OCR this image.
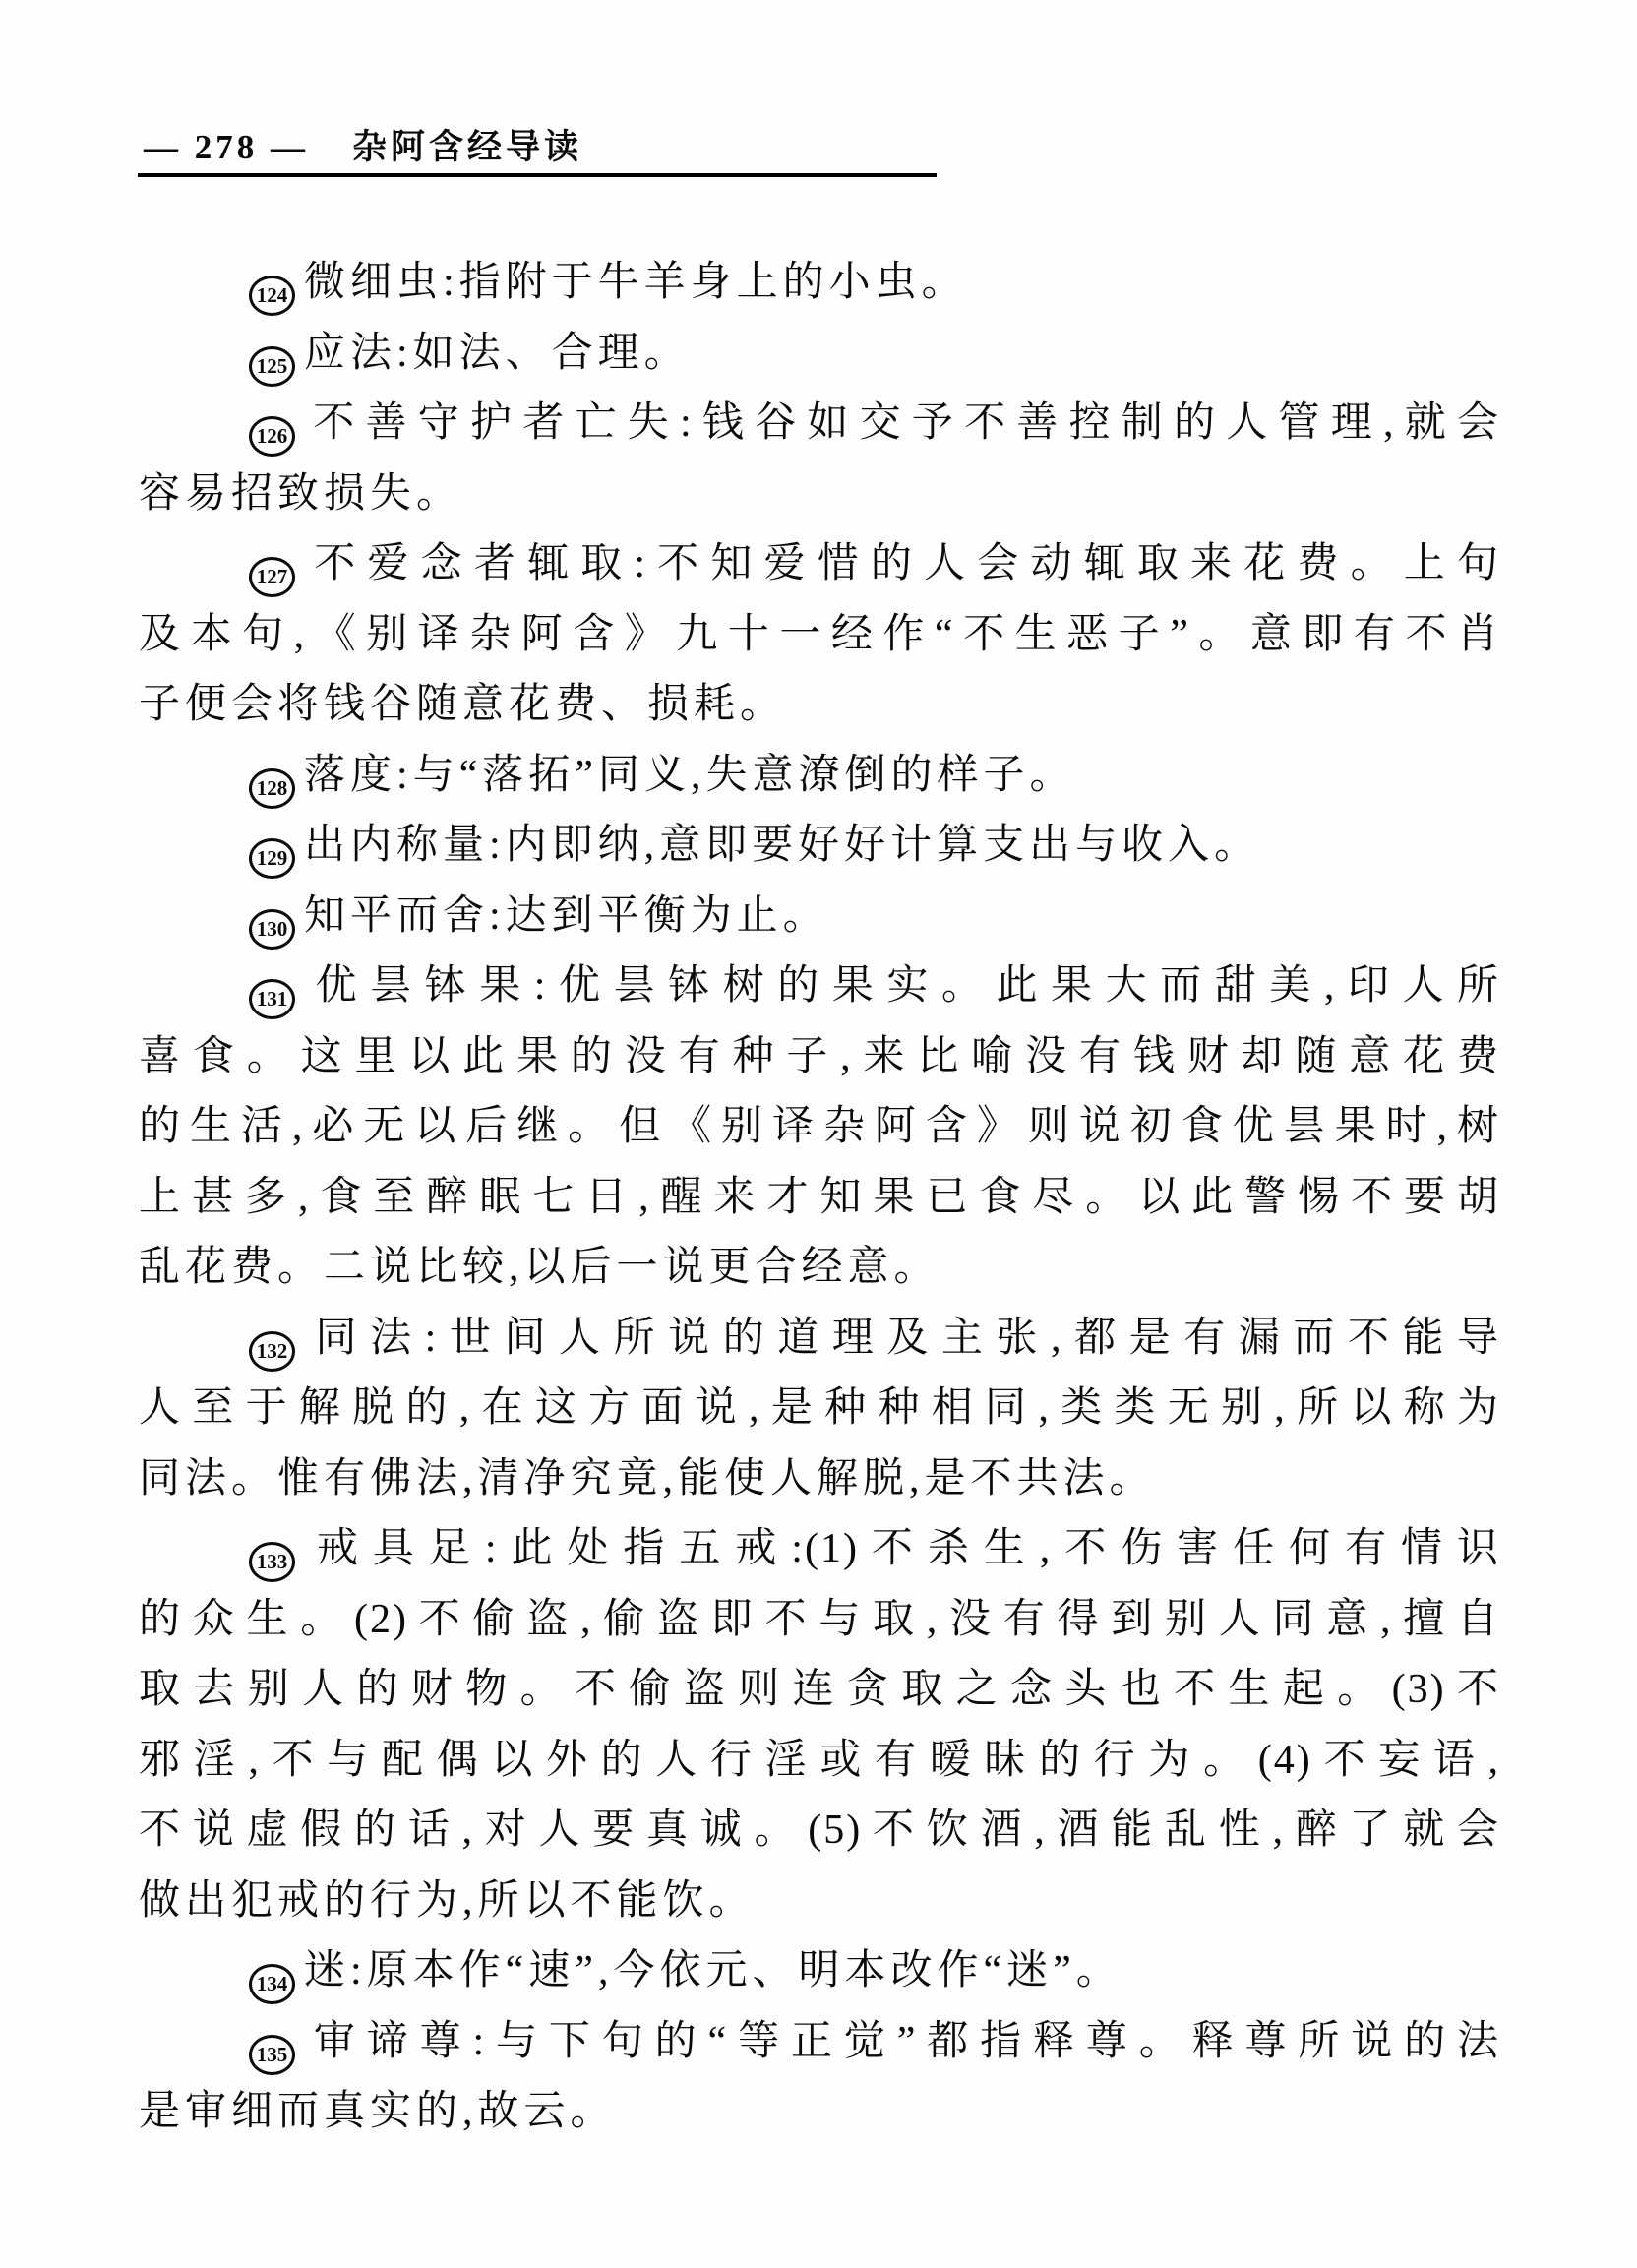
— 278 — 杂阿含经导读
124 微细虫:指附于牛羊身上的小虫。
125 应法:如法、合理。
126 不善守护者亡失:钱谷如交予不善控制的人管理,就会
容易招致损失。
127 不爱念者辄取:不知爱惜的人会动辄取来花费。上句
及本句,《别译杂阿含》九十一经作“不生恶子”。意即有不肖
子便会将钱谷随意花费、损耗。
128 落度:与“落拓”同义,失意潦倒的样子。
129 出内称量:内即纳,意即要好好计算支出与收入。
130 知平而舍:达到平衡为止。
131 优昙钵果:优昙钵树的果实。此果大而甜美,印人所
喜食。这里以此果的没有种子,来比喻没有钱财却随意花费
的生活,必无以后继。但《别译杂阿含》则说初食优昙果时,树
上甚多,食至醉眠七日,醒来才知果已食尽。以此警惕不要胡
乱花费。二说比较,以后一说更合经意。
132 同法:世间人所说的道理及主张,都是有漏而不能导
人至于解脱的,在这方面说,是种种相同,类类无别,所以称为
同法。惟有佛法,清净究竟,能使人解脱,是不共法。
133 戒具足:此处指五戒:(1)不杀生,不伤害任何有情识
的众生。(2)不偷盗,偷盗即不与取,没有得到别人同意,擅自
取去别人的财物。不偷盗则连贪取之念头也不生起。(3)不
邪淫,不与配偶以外的人行淫或有暧昧的行为。(4)不妄语,
不说虚假的话,对人要真诚。(5)不饮酒,酒能乱性,醉了就会
做出犯戒的行为,所以不能饮。
134 迷:原本作“速”,今依元、明本改作“迷”。
135 审谛尊:与下句的“等正觉”都指释尊。释尊所说的法
是审细而真实的,故云。
